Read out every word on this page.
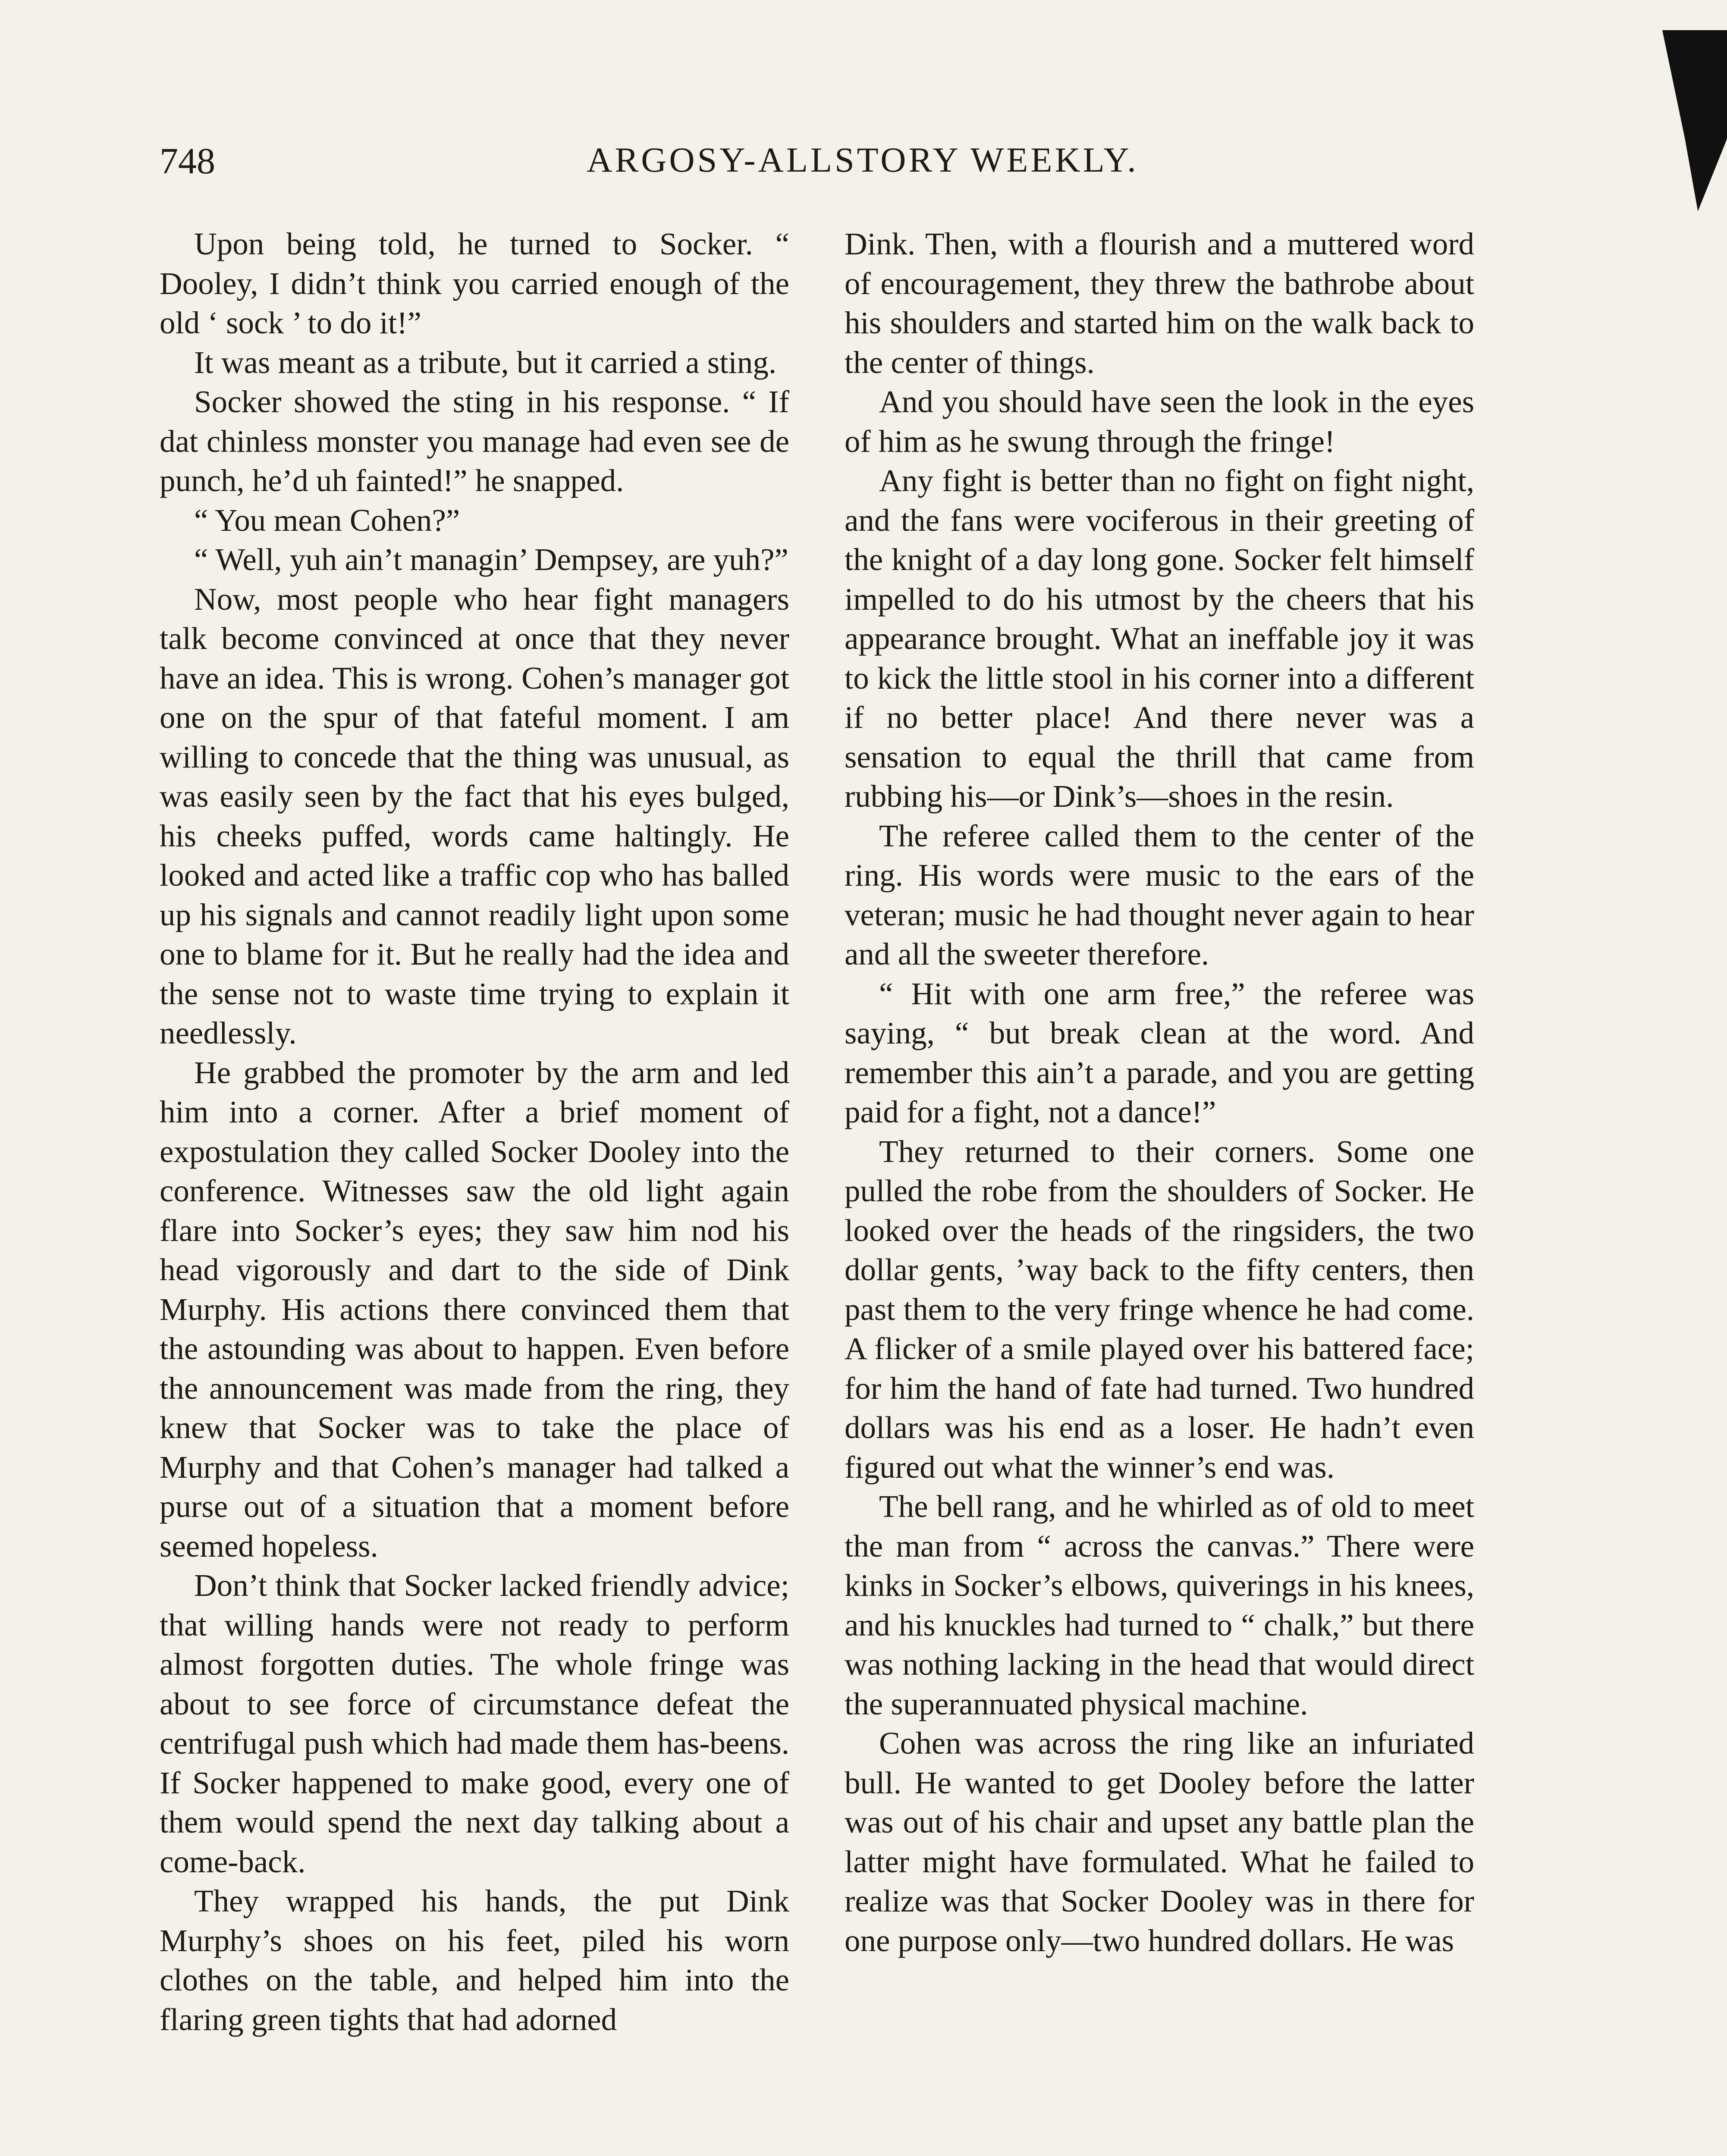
748	ARGOSY-ALLSTORY WEEKLY.

Upon being told, he turned to Socker. “ Dooley, I didn’t think you carried enough of the old ‘ sock ’ to do it!”

It was meant as a tribute, but it carried a sting.

Socker showed the sting in his response. “ If dat chinless monster you manage had even see de punch, he’d uh fainted!” he snapped.

“ You mean Cohen?”

“ Well, yuh ain’t managin’ Dempsey, are yuh?”

Now, most people who hear fight managers talk become convinced at once that they never have an idea. This is wrong. Cohen’s manager got one on the spur of that fateful moment. I am willing to concede that the thing was unusual, as was easily seen by the fact that his eyes bulged, his cheeks puffed, words came haltingly. He looked and acted like a traffic cop who has balled up his signals and cannot readily light upon some one to blame for it. But he really had the idea and the sense not to waste time trying to explain it needlessly.

He grabbed the promoter by the arm and led him into a corner. After a brief moment of expostulation they called Socker Dooley into the conference. Witnesses saw the old light again flare into Socker’s eyes; they saw him nod his head vigorously and dart to the side of Dink Murphy. His actions there convinced them that the astounding was about to happen. Even before the announcement was made from the ring, they knew that Socker was to take the place of Murphy and that Cohen’s manager had talked a purse out of a situation that a moment before seemed hopeless.

Don’t think that Socker lacked friendly advice; that willing hands were not ready to perform almost forgotten duties. The whole fringe was about to see force of circumstance defeat the centrifugal push which had made them has-beens. If Socker happened to make good, every one of them would spend the next day talking about a come-back.

They wrapped his hands, the put Dink Murphy’s shoes on his feet, piled his worn clothes on the table, and helped him into the flaring green tights that had adorned

Dink. Then, with a flourish and a muttered word of encouragement, they threw the bathrobe about his shoulders and started him on the walk back to the center of things.

And you should have seen the look in the eyes of him as he swung through the fringe!

Any fight is better than no fight on fight night, and the fans were vociferous in their greeting of the knight of a day long gone. Socker felt himself impelled to do his utmost by the cheers that his appearance brought. What an ineffable joy it was to kick the little stool in his corner into a different if no better place! And there never was a sensation to equal the thrill that came from rubbing his—or Dink’s—shoes in the resin.

The referee called them to the center of the ring. His words were music to the ears of the veteran; music he had thought never again to hear and all the sweeter therefore.

“ Hit with one arm free,” the referee was saying, “ but break clean at the word. And remember this ain’t a parade, and you are getting paid for a fight, not a dance!”

They returned to their corners. Some one pulled the robe from the shoulders of Socker. He looked over the heads of the ringsiders, the two dollar gents, ’way back to the fifty centers, then past them to the very fringe whence he had come. A flicker of a smile played over his battered face; for him the hand of fate had turned. Two hundred dollars was his end as a loser. He hadn’t even figured out what the winner’s end was.

The bell rang, and he whirled as of old to meet the man from “ across the canvas.” There were kinks in Socker’s elbows, quiverings in his knees, and his knuckles had turned to “ chalk,” but there was nothing lacking in the head that would direct the superannuated physical machine.

Cohen was across the ring like an infuriated bull. He wanted to get Dooley before the latter was out of his chair and upset any battle plan the latter might have formulated. What he failed to realize was that Socker Dooley was in there for one purpose only—two hundred dollars. He was
